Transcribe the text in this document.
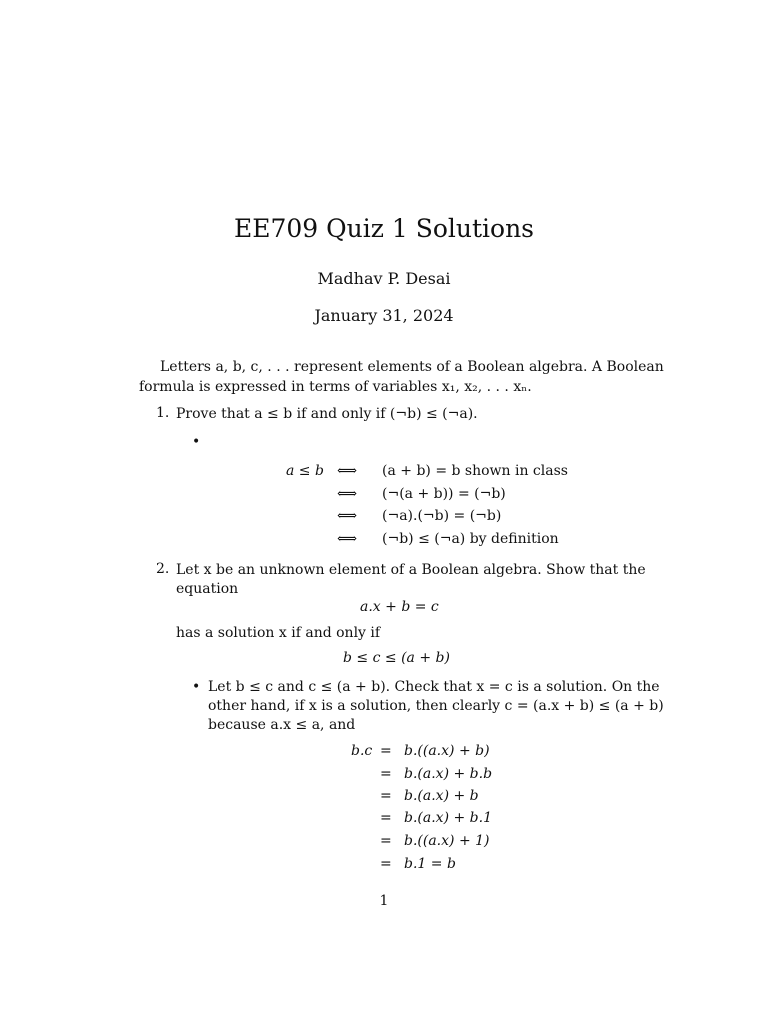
EE709 Quiz 1 Solutions
Madhav P. Desai
January 31, 2024
Letters a, b, c, . . . represent elements of a Boolean algebra. A Boolean
formula is expressed in terms of variables x₁, x₂, . . . xₙ.
1. Prove that a ≤ b if and only if (¬b) ≤ (¬a).
•
a ≤ b ⟺ (a + b) = b shown in class
⟺ (¬(a + b)) = (¬b)
⟺ (¬a).(¬b) = (¬b)
⟺ (¬b) ≤ (¬a) by definition
2. Let x be an unknown element of a Boolean algebra. Show that the
equation
a.x + b = c
has a solution x if and only if
b ≤ c ≤ (a + b)
• Let b ≤ c and c ≤ (a + b). Check that x = c is a solution. On the
other hand, if x is a solution, then clearly c = (a.x + b) ≤ (a + b)
because a.x ≤ a, and
b.c = b.((a.x) + b)
= b.(a.x) + b.b
= b.(a.x) + b
= b.(a.x) + b.1
= b.((a.x) + 1)
= b.1 = b
1
